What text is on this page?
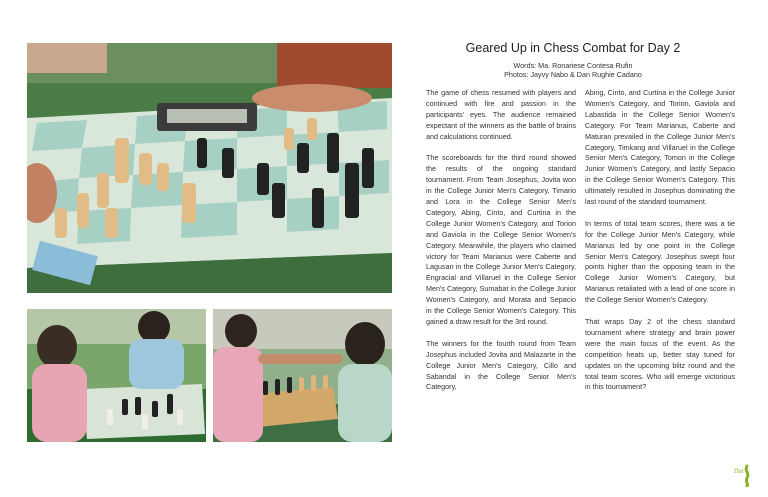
Geared Up in Chess Combat for Day 2
Words: Ma. Ronariese Contesa Rufin
Photos: Jayvy Nabo & Dan Rughie Cadano

The game of chess resumed with players and continued with fire and passion in the participants' eyes. The audience remained expectant of the winners as the battle of brains and calculations continued.

The scoreboards for the third round showed the results of the ongoing standard tournament. From Team Josephus, Jovita won in the College Junior Men's Category, Timario and Lora in the College Senior Men's Category, Abing, Cinto, and Curtina in the College Junior Women's Category, and Torion and Gaviola in the College Senior Women's Category. Meanwhile, the players who claimed victory for Team Marianus were Caberte and Lagusan in the College Junior Men's Category, Engracial and Villaruel in the College Senior Men's Category, Sumabat in the College Junior Women's Category, and Morata and Sepacio in the College Senior Women's Category. This gained a draw result for the 3rd round.

The winners for the fourth round from Team Josephus included Jovita and Malazarte in the College Junior Men's Category, Cillo and Sabandal in the College Senior Men's Category,

Abing, Cinto, and Curtina in the College Junior Women's Category, and Torion, Gaviola and Labastida in the College Senior Women's Category. For Team Marianus, Caberte and Maturan prevailed in the College Junior Men's Category, Timkang and Villaruel in the College Senior Men's Category, Tomon in the College Junior Women's Category, and lastly Sepacio in the College Senior Women's Category. This ultimately resulted in Josephus dominating the last round of the standard tournament.

In terms of total team scores, there was a tie for the College Junior Men's Category, while Marianus led by one point in the College Senior Men's Category. Josephus swept four points higher than the opposing team in the College Junior Women's Category, but Marianus retaliated with a lead of one score in the College Senior Women's Category.

That wraps Day 2 of the chess standard tournament where strategy and brain power were the main focus of the event. As the competition heats up, better stay tuned for updates on the upcoming blitz round and the total team scores. Who will emerge victorious in this tournament?

the
